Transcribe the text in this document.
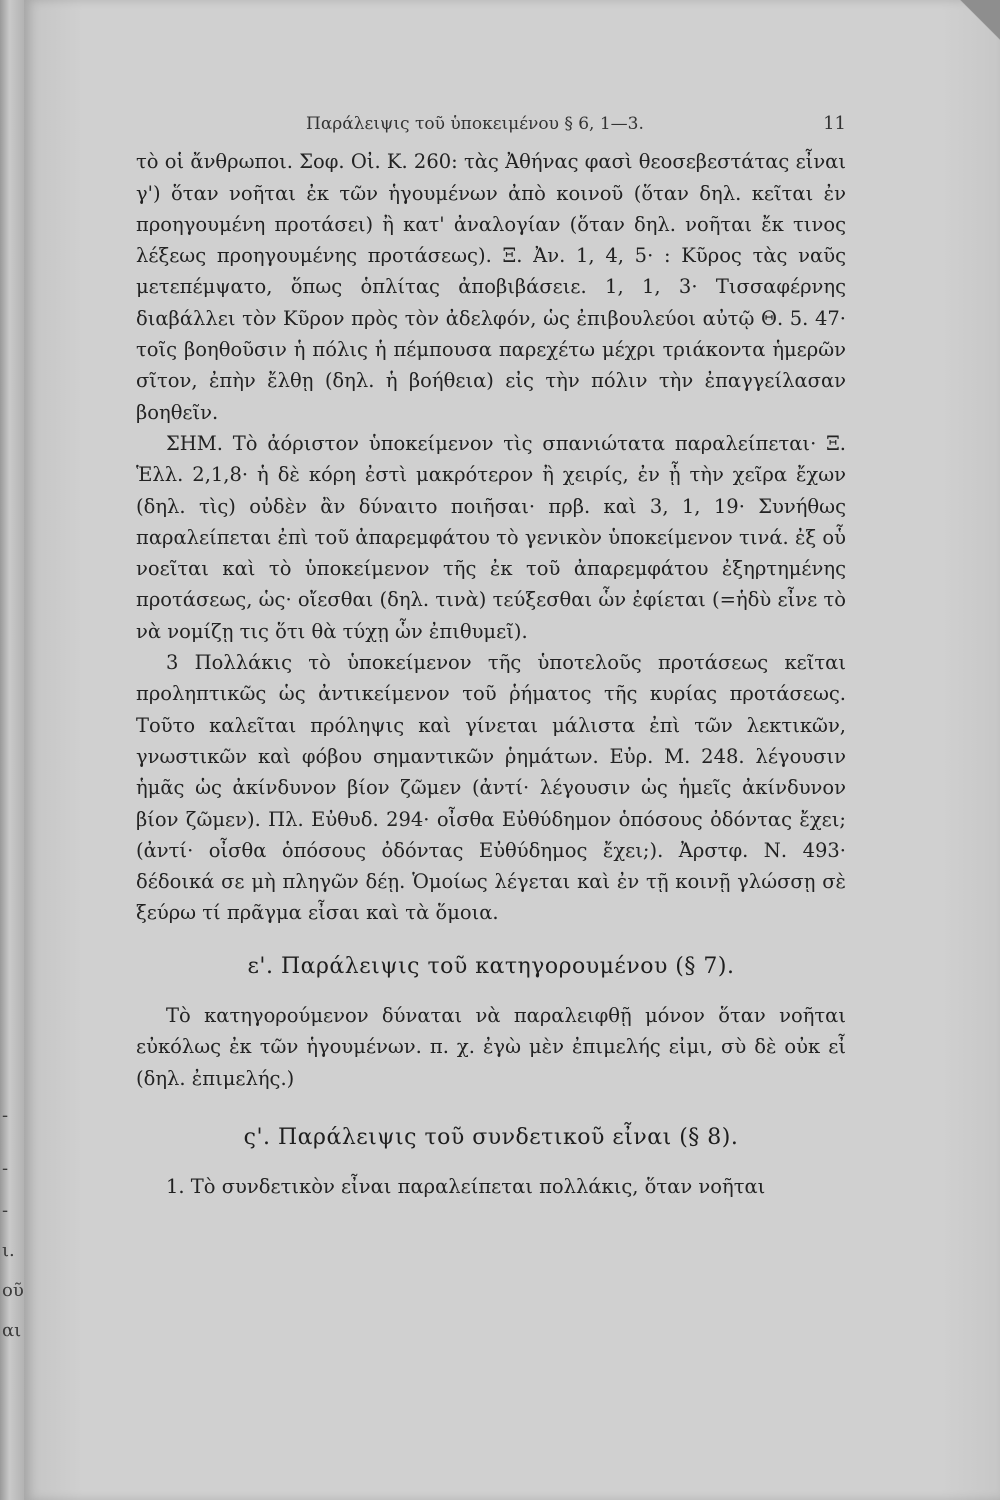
-
-
-
ι.
οῦ
αι
Παράλειψις τοῦ ὑποκειμένου § 6, 1—3.	11

τὸ οἱ ἄνθρωποι. Σοφ. Οἰ. Κ. 260: τὰς Ἀθήνας φασὶ θεοσεβεστάτας εἶναι γ') ὅταν νοῆται ἐκ τῶν ἡγουμένων ἀπὸ κοινοῦ (ὅταν δηλ. κεῖται ἐν προηγουμένη προτάσει) ἢ κατ' ἀναλογίαν (ὅταν δηλ. νοῆται ἔκ τινος λέξεως προηγουμένης προτάσεως). Ξ. Ἀν. 1, 4, 5· : Κῦρος τὰς ναῦς μετεπέμψατο, ὅπως ὁπλίτας ἀποβιβάσειε. 1, 1, 3· Τισσαφέρνης διαβάλλει τὸν Κῦρον πρὸς τὸν ἀδελφόν, ὡς ἐπιβουλεύοι αὐτῷ Θ. 5. 47· τοῖς βοηθοῦσιν ἡ πόλις ἡ πέμπουσα παρεχέτω μέχρι τριάκοντα ἡμερῶν σῖτον, ἐπὴν ἔλθῃ (δηλ. ἡ βοήθεια) εἰς τὴν πόλιν τὴν ἐπαγγείλασαν βοηθεῖν.

ΣΗΜ. Τὸ ἀόριστον ὑποκείμενον τὶς σπανιώτατα παραλείπεται· Ξ. Ἑλλ. 2,1,8· ἡ δὲ κόρη ἐστὶ μακρότερον ἢ χειρίς, ἐν ᾗ τὴν χεῖρα ἔχων (δηλ. τὶς) οὐδὲν ἂν δύναιτο ποιῆσαι· πρβ. καὶ 3, 1, 19· Συνήθως παραλείπεται ἐπὶ τοῦ ἀπαρεμφάτου τὸ γενικὸν ὑποκείμενον τινά. ἐξ οὗ νοεῖται καὶ τὸ ὑποκείμενον τῆς ἐκ τοῦ ἀπαρεμφάτου ἐξηρτημένης προτάσεως, ὡς· οἴεσθαι (δηλ. τινὰ) τεύξεσθαι ὧν ἐφίεται (=ἡδὺ εἶνε τὸ νὰ νομίζῃ τις ὅτι θὰ τύχῃ ὧν ἐπιθυμεῖ).

3 Πολλάκις τὸ ὑποκείμενον τῆς ὑποτελοῦς προτάσεως κεῖται προληπτικῶς ὡς ἀντικείμενον τοῦ ῥήματος τῆς κυρίας προτάσεως. Τοῦτο καλεῖται πρόληψις καὶ γίνεται μάλιστα ἐπὶ τῶν λεκτικῶν, γνωστικῶν καὶ φόβου σημαντικῶν ῥημάτων. Εὐρ. Μ. 248. λέγουσιν ἡμᾶς ὡς ἀκίνδυνον βίον ζῶμεν (ἀντί· λέγουσιν ὡς ἡμεῖς ἀκίνδυνον βίον ζῶμεν). Πλ. Εὐθυδ. 294· οἶσθα Εὐθύδημον ὁπόσους ὀδόντας ἔχει; (ἀντί· οἶσθα ὁπόσους ὀδόντας Εὐθύδημος ἔχει;). Ἀρστφ. Ν. 493· δέδοικά σε μὴ πληγῶν δέῃ. Ὁμοίως λέγεται καὶ ἐν τῇ κοινῇ γλώσσῃ σὲ ξεύρω τί πρᾶγμα εἶσαι καὶ τὰ ὅμοια.

ε'. Παράλειψις τοῦ κατηγορουμένου (§ 7).

Τὸ κατηγορούμενον δύναται νὰ παραλειφθῇ μόνον ὅταν νοῆται εὐκόλως ἐκ τῶν ἡγουμένων. π. χ. ἐγὼ μὲν ἐπιμελής εἰμι, σὺ δὲ οὐκ εἶ (δηλ. ἐπιμελής.)

ς'. Παράλειψις τοῦ συνδετικοῦ εἶναι (§ 8).

1. Τὸ συνδετικὸν εἶναι παραλείπεται πολλάκις, ὅταν νοῆται
